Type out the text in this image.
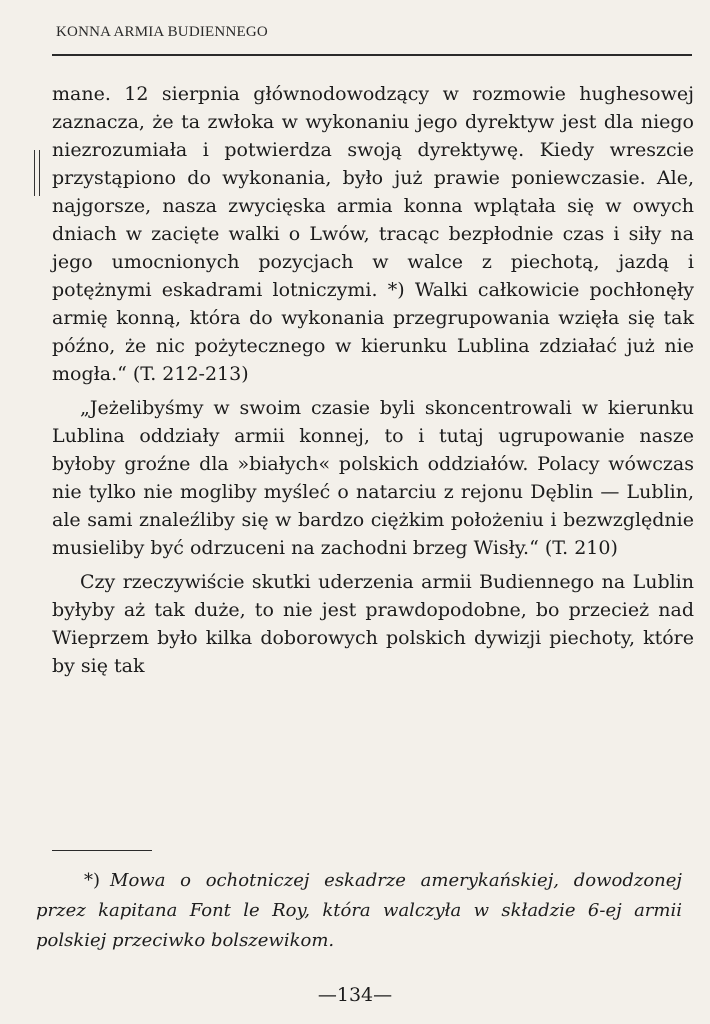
KONNA ARMIA BUDIENNEGO

mane. 12 sierpnia głównodowodzący w rozmowie hughesowej zaznacza, że ta zwłoka w wykonaniu jego dyrektyw jest dla niego niezrozumiała i potwierdza swoją dyrektywę. Kiedy wreszcie przystąpiono do wykonania, było już prawie poniewczasie. Ale, najgorsze, nasza zwycięska armia konna wplątała się w owych dniach w zacięte walki o Lwów, tracąc bezpłodnie czas i siły na jego umocnionych pozycjach w walce z piechotą, jazdą i potężnymi eskadrami lotniczymi. *) Walki całkowicie pochłonęły armię konną, która do wykonania przegrupowania wzięła się tak późno, że nic pożytecznego w kierunku Lublina zdziałać już nie mogła.“ (T. 212-213)

„Jeżelibyśmy w swoim czasie byli skoncentrowali w kierunku Lublina oddziały armii konnej, to i tutaj ugrupowanie nasze byłoby groźne dla »białych« polskich oddziałów. Polacy wówczas nie tylko nie mogliby myśleć o natarciu z rejonu Dęblin — Lublin, ale sami znaleźliby się w bardzo ciężkim położeniu i bezwzględnie musieliby być odrzuceni na zachodni brzeg Wisły.“ (T. 210)

Czy rzeczywiście skutki uderzenia armii Budiennego na Lublin byłyby aż tak duże, to nie jest prawdopodobne, bo przecież nad Wieprzem było kilka doborowych polskich dywizji piechoty, które by się tak

*) Mowa o ochotniczej eskadrze amerykańskiej, dowodzonej przez kapitana Font le Roy, która walczyła w składzie 6-ej armii polskiej przeciwko bolszewikom.
—134—
